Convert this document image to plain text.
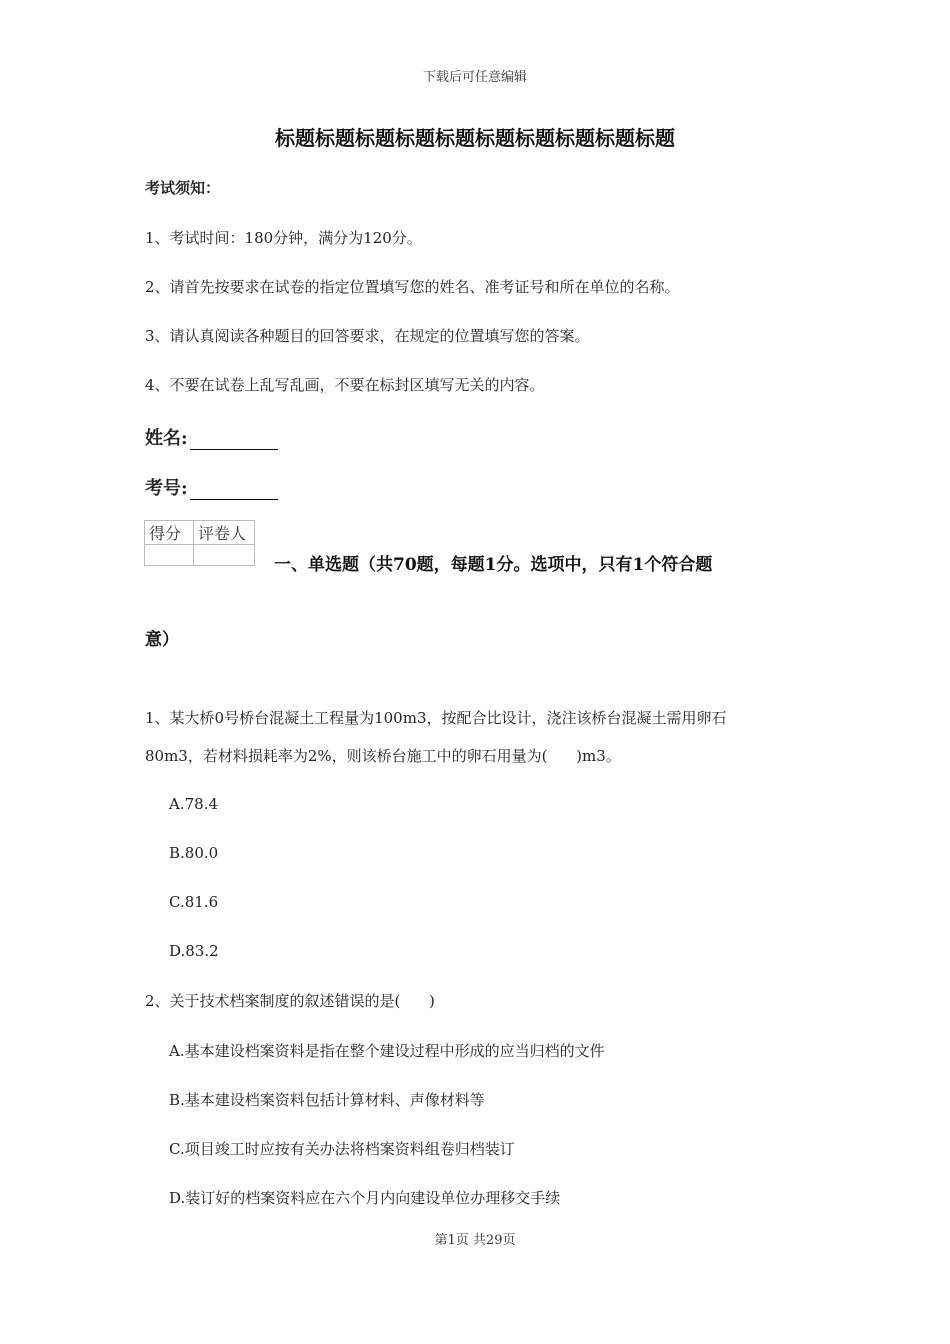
下载后可任意编辑
标题标题标题标题标题标题标题标题标题标题
考试须知：
1、考试时间：180分钟，满分为120分。
2、请首先按要求在试卷的指定位置填写您的姓名、准考证号和所在单位的名称。
3、请认真阅读各种题目的回答要求，在规定的位置填写您的答案。
4、不要在试卷上乱写乱画，不要在标封区填写无关的内容。
姓名:
考号:
得分	评卷人

一、单选题（共70题，每题1分。选项中，只有1个符合题
意）
1、某大桥0号桥台混凝土工程量为100m3，按配合比设计，浇注该桥台混凝土需用卵石
80m3，若材料损耗率为2%，则该桥台施工中的卵石用量为(      )m3。
A.78.4
B.80.0
C.81.6
D.83.2
2、关于技术档案制度的叙述错误的是(      )
A.基本建设档案资料是指在整个建设过程中形成的应当归档的文件
B.基本建设档案资料包括计算材料、声像材料等
C.项目竣工时应按有关办法将档案资料组卷归档装订
D.装订好的档案资料应在六个月内向建设单位办理移交手续
第1页 共29页
